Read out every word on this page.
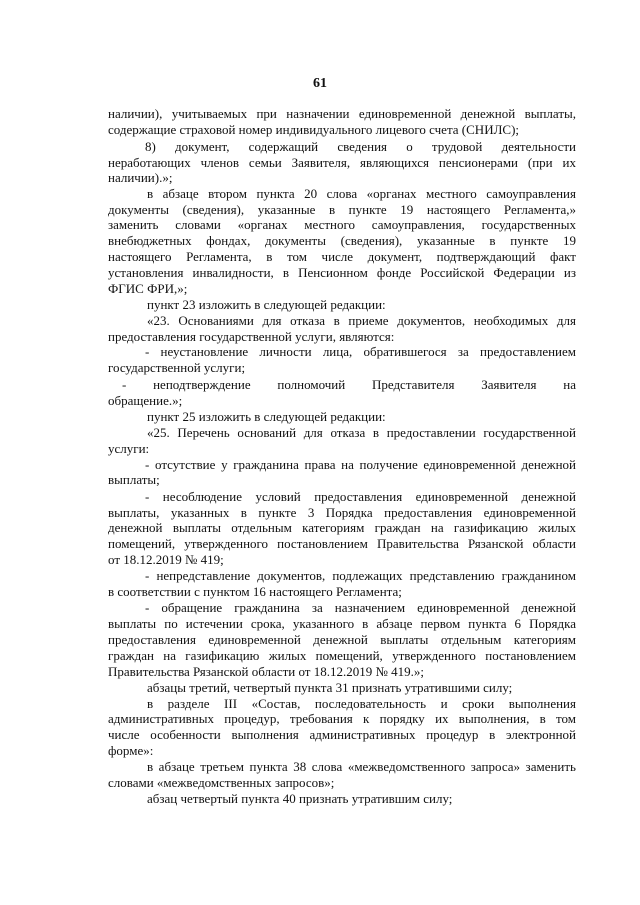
61
наличии), учитываемых при назначении единовременной денежной выплаты,
содержащие страховой номер индивидуального лицевого счета (СНИЛС);
8) документ, содержащий сведения о трудовой деятельности
неработающих членов семьи Заявителя, являющихся пенсионерами (при их
наличии).»;
в абзаце втором пункта 20 слова «органах местного самоуправления
документы (сведения), указанные в пункте 19 настоящего Регламента,»
заменить словами «органах местного самоуправления, государственных
внебюджетных фондах, документы (сведения), указанные в пункте 19
настоящего Регламента, в том числе документ, подтверждающий факт
установления инвалидности, в Пенсионном фонде Российской Федерации из
ФГИС ФРИ,»;
пункт 23 изложить в следующей редакции:
«23. Основаниями для отказа в приеме документов, необходимых для
предоставления государственной услуги, являются:
- неустановление личности лица, обратившегося за предоставлением
государственной услуги;
- неподтверждение полномочий Представителя Заявителя на
обращение.»;
пункт 25 изложить в следующей редакции:
«25. Перечень оснований для отказа в предоставлении государственной
услуги:
- отсутствие у гражданина права на получение единовременной денежной
выплаты;
- несоблюдение условий предоставления единовременной денежной
выплаты, указанных в пункте 3 Порядка предоставления единовременной
денежной выплаты отдельным категориям граждан на газификацию жилых
помещений, утвержденного постановлением Правительства Рязанской области
от 18.12.2019 № 419;
- непредставление документов, подлежащих представлению гражданином
в соответствии с пунктом 16 настоящего Регламента;
- обращение гражданина за назначением единовременной денежной
выплаты по истечении срока, указанного в абзаце первом пункта 6 Порядка
предоставления единовременной денежной выплаты отдельным категориям
граждан на газификацию жилых помещений, утвержденного постановлением
Правительства Рязанской области от 18.12.2019 № 419.»;
абзацы третий, четвертый пункта 31 признать утратившими силу;
в разделе III «Состав, последовательность и сроки выполнения
административных процедур, требования к порядку их выполнения, в том
числе особенности выполнения административных процедур в электронной
форме»:
в абзаце третьем пункта 38 слова «межведомственного запроса» заменить
словами «межведомственных запросов»;
абзац четвертый пункта 40 признать утратившим силу;
